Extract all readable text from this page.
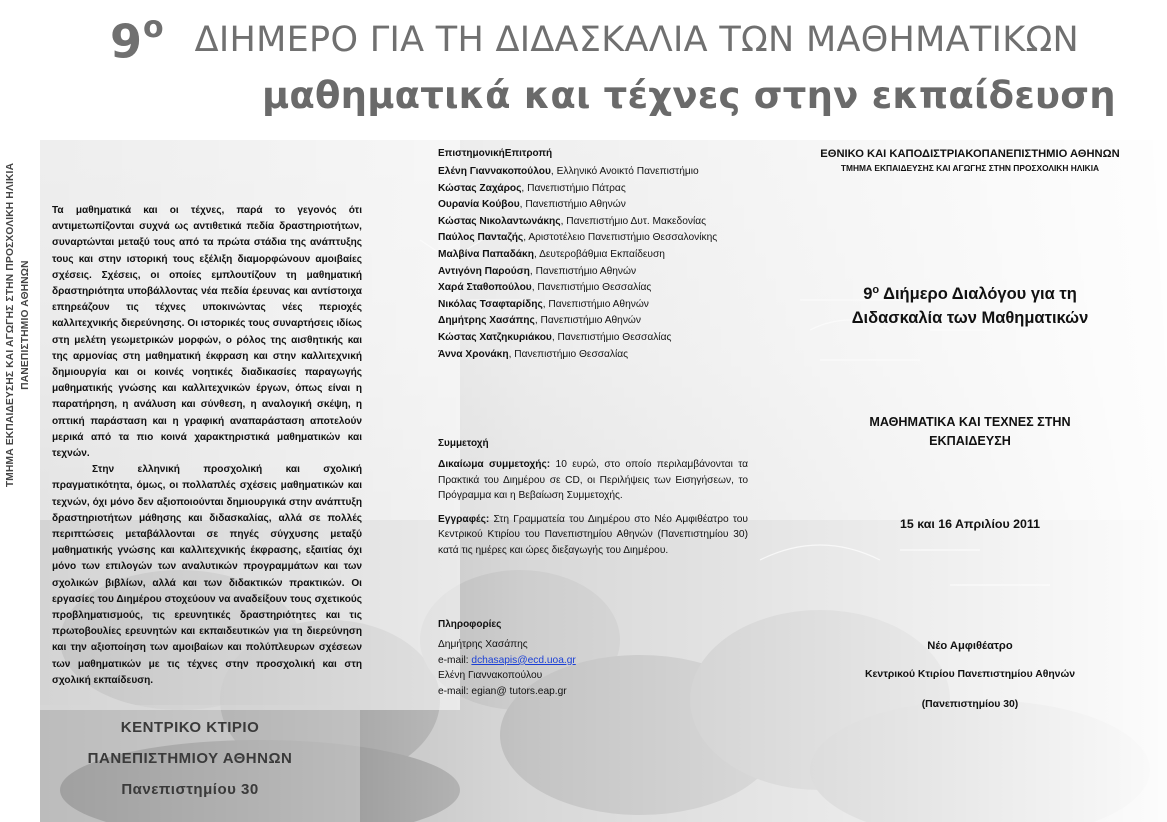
9$^o$ ΔΙΗΜΕΡΟ ΓΙΑ ΤΗ ΔΙΔΑΣΚΑΛΙΑ ΤΩΝ ΜΑΘΗΜΑΤΙΚΩΝ
μαθηματικά και τέχνες στην εκπαίδευση
ΤΜΗΜΑ ΕΚΠΑΙΔΕΥΣΗΣ ΚΑΙ ΑΓΩΓΗΣ ΣΤΗΝ ΠΡΟΣΧΟΛΙΚΗ ΗΛΙΚΙΑ ΠΑΝΕΠΙΣΤΗΜΙΟ ΑΘΗΝΩΝ

Τα μαθηματικά και οι τέχνες, παρά το γεγονός ότι αντιμετωπίζονται συχνά ως αντιθετικά πεδία δραστηριοτήτων, συναρτώνται μεταξύ τους από τα πρώτα στάδια της ανάπτυξης τους και στην ιστορική τους εξέλιξη διαμορφώνουν αμοιβαίες σχέσεις. Σχέσεις, οι οποίες εμπλουτίζουν τη μαθηματική δραστηριότητα υποβάλλοντας νέα πεδία έρευνας και αντίστοιχα επηρεάζουν τις τέχνες υποκινώντας νέες περιοχές καλλιτεχνικής διερεύνησης. Οι ιστορικές τους συναρτήσεις ιδίως στη μελέτη γεωμετρικών μορφών, ο ρόλος της αισθητικής και της αρμονίας στη μαθηματική έκφραση και στην καλλιτεχνική δημιουργία και οι κοινές νοητικές διαδικασίες παραγωγής μαθηματικής γνώσης και καλλιτεχνικών έργων, όπως είναι η παρατήρηση, η ανάλυση και σύνθεση, η αναλογική σκέψη, η οπτική παράσταση και η γραφική αναπαράσταση αποτελούν μερικά από τα πιο κοινά χαρακτηριστικά μαθηματικών και τεχνών.

Στην ελληνική προσχολική και σχολική πραγματικότητα, όμως, οι πολλαπλές σχέσεις μαθηματικών και τεχνών, όχι μόνο δεν αξιοποιούνται δημιουργικά στην ανάπτυξη δραστηριοτήτων μάθησης και διδασκαλίας, αλλά σε πολλές περιπτώσεις μεταβάλλονται σε πηγές σύγχυσης μεταξύ μαθηματικής γνώσης και καλλιτεχνικής έκφρασης, εξαιτίας όχι μόνο των επιλογών των αναλυτικών προγραμμάτων και των σχολικών βιβλίων, αλλά και των διδακτικών πρακτικών. Οι εργασίες του Διημέρου στοχεύουν να αναδείξουν τους σχετικούς προβληματισμούς, τις ερευνητικές δραστηριότητες και τις πρωτοβουλίες ερευνητών και εκπαιδευτικών για τη διερεύνηση και την αξιοποίηση των αμοιβαίων και πολύπλευρων σχέσεων των μαθηματικών με τις τέχνες στην προσχολική και στη σχολική εκπαίδευση.

ΚΕΝΤΡΙΚΟ ΚΤΙΡΙΟ
ΠΑΝΕΠΙΣΤΗΜΙΟΥ ΑΘΗΝΩΝ
Πανεπιστημίου 30
ΕπιστημονικήΕπιτροπή
Ελένη Γιαννακοπούλου, Ελληνικό Ανοικτό Πανεπιστήμιο
Κώστας Ζαχάρος, Πανεπιστήμιο Πάτρας
Ουρανία Κούβου, Πανεπιστήμιο Αθηνών
Κώστας Νικολαντωνάκης, Πανεπιστήμιο Δυτ. Μακεδονίας
Παύλος Πανταζής, Αριστοτέλειο Πανεπιστήμιο Θεσσαλονίκης
Μαλβίνα Παπαδάκη, Δευτεροβάθμια Εκπαίδευση
Αντιγόνη Παρούση, Πανεπιστήμιο Αθηνών
Χαρά Σταθοπούλου, Πανεπιστήμιο Θεσσαλίας
Νικόλας Τσαφταρίδης, Πανεπιστήμιο Αθηνών
Δημήτρης Χασάπης, Πανεπιστήμιο Αθηνών
Κώστας Χατζηκυριάκου, Πανεπιστήμιο Θεσσαλίας
Άννα Χρονάκη, Πανεπιστήμιο Θεσσαλίας
Συμμετοχή

Δικαίωμα συμμετοχής: 10 ευρώ, στο οποίο περιλαμβάνονται τα Πρακτικά του Διημέρου σε CD, οι Περιλήψεις των Εισηγήσεων, το Πρόγραμμα και η Βεβαίωση Συμμετοχής.

Εγγραφές: Στη Γραμματεία του Διημέρου στο Νέο Αμφιθέατρο του Κεντρικού Κτιρίου του Πανεπιστημίου Αθηνών (Πανεπιστημίου 30) κατά τις ημέρες και ώρες διεξαγωγής του Διημέρου.

Πληροφορίες
Δημήτρης Χασάπης
e-mail: dchasapis@ecd.uoa.gr
Ελένη Γιαννακοπούλου
e-mail: egian@ tutors.eap.gr
ΕΘΝΙΚΟ ΚΑΙ ΚΑΠΟΔΙΣΤΡΙΑΚΟΠΑΝΕΠΙΣΤΗΜΙΟ ΑΘΗΝΩΝ
ΤΜΗΜΑ ΕΚΠΑΙΔΕΥΣΗΣ ΚΑΙ ΑΓΩΓΗΣ ΣΤΗΝ ΠΡΟΣΧΟΛΙΚΗ ΗΛΙΚΙΑ
$9^o$ Διήμερο Διαλόγου για τη
Διδασκαλία των Μαθηματικών
ΜΑΘΗΜΑΤΙΚΑ ΚΑΙ ΤΕΧΝΕΣ ΣΤΗΝ
ΕΚΠΑΙΔΕΥΣΗ
15 και 16 Απριλίου 2011
Νέο Αμφιθέατρο
Κεντρικού Κτιρίου Πανεπιστημίου Αθηνών
(Πανεπιστημίου 30)
